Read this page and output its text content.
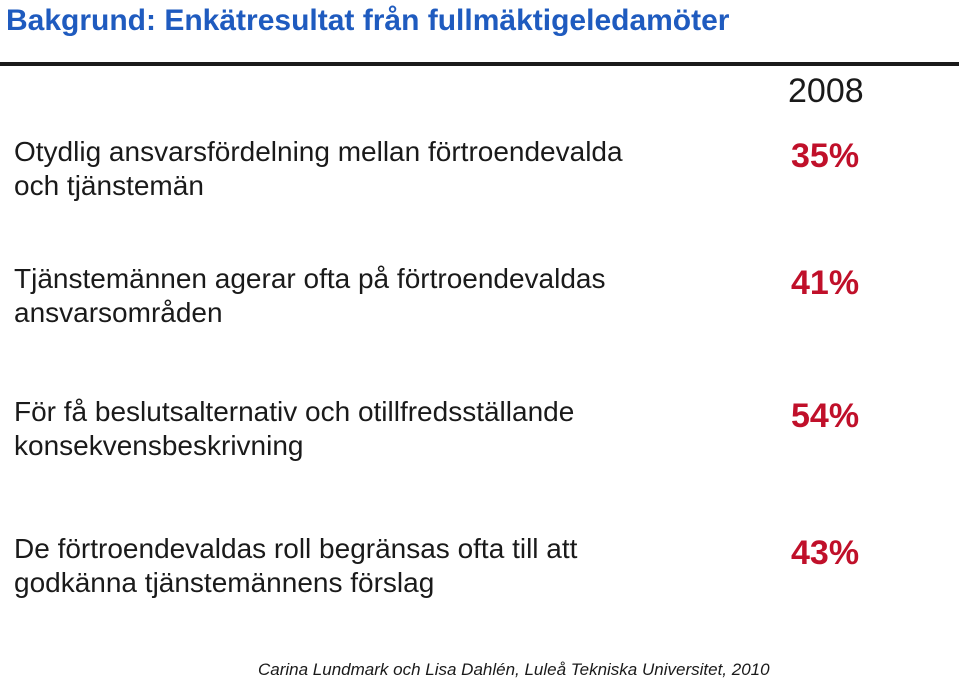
Bakgrund: Enkätresultat från fullmäktigeledamöter
2008
Otydlig ansvarsfördelning mellan förtroendevalda
och tjänstemän
35%
Tjänstemännen agerar ofta på förtroendevaldas
ansvarsområden
41%
För få beslutsalternativ och otillfredsställande
konsekvensbeskrivning
54%
De förtroendevaldas roll begränsas ofta till att
godkänna tjänstemännens förslag
43%
Carina Lundmark och Lisa Dahlén, Luleå Tekniska Universitet, 2010
